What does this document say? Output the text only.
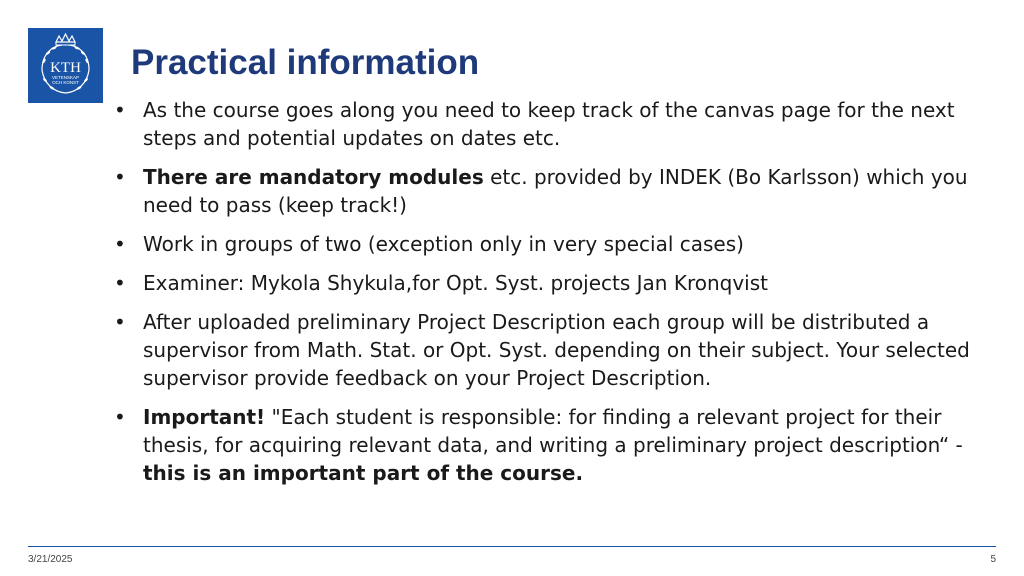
KTH
VETENSKAP
OCH KONST
Practical information
• As the course goes along you need to keep track of the canvas page for the next steps and potential updates on dates etc.
• There are mandatory modules etc. provided by INDEK (Bo Karlsson) which you need to pass (keep track!)
• Work in groups of two (exception only in very special cases)
• Examiner: Mykola Shykula,for Opt. Syst. projects Jan Kronqvist
• After uploaded preliminary Project Description each group will be distributed a supervisor from Math. Stat. or Opt. Syst. depending on their subject. Your selected supervisor provide feedback on your Project Description.
• Important! "Each student is responsible: for finding a relevant project for their thesis, for acquiring relevant data, and writing a preliminary project description“ - this is an important part of the course.
3/21/2025	5
